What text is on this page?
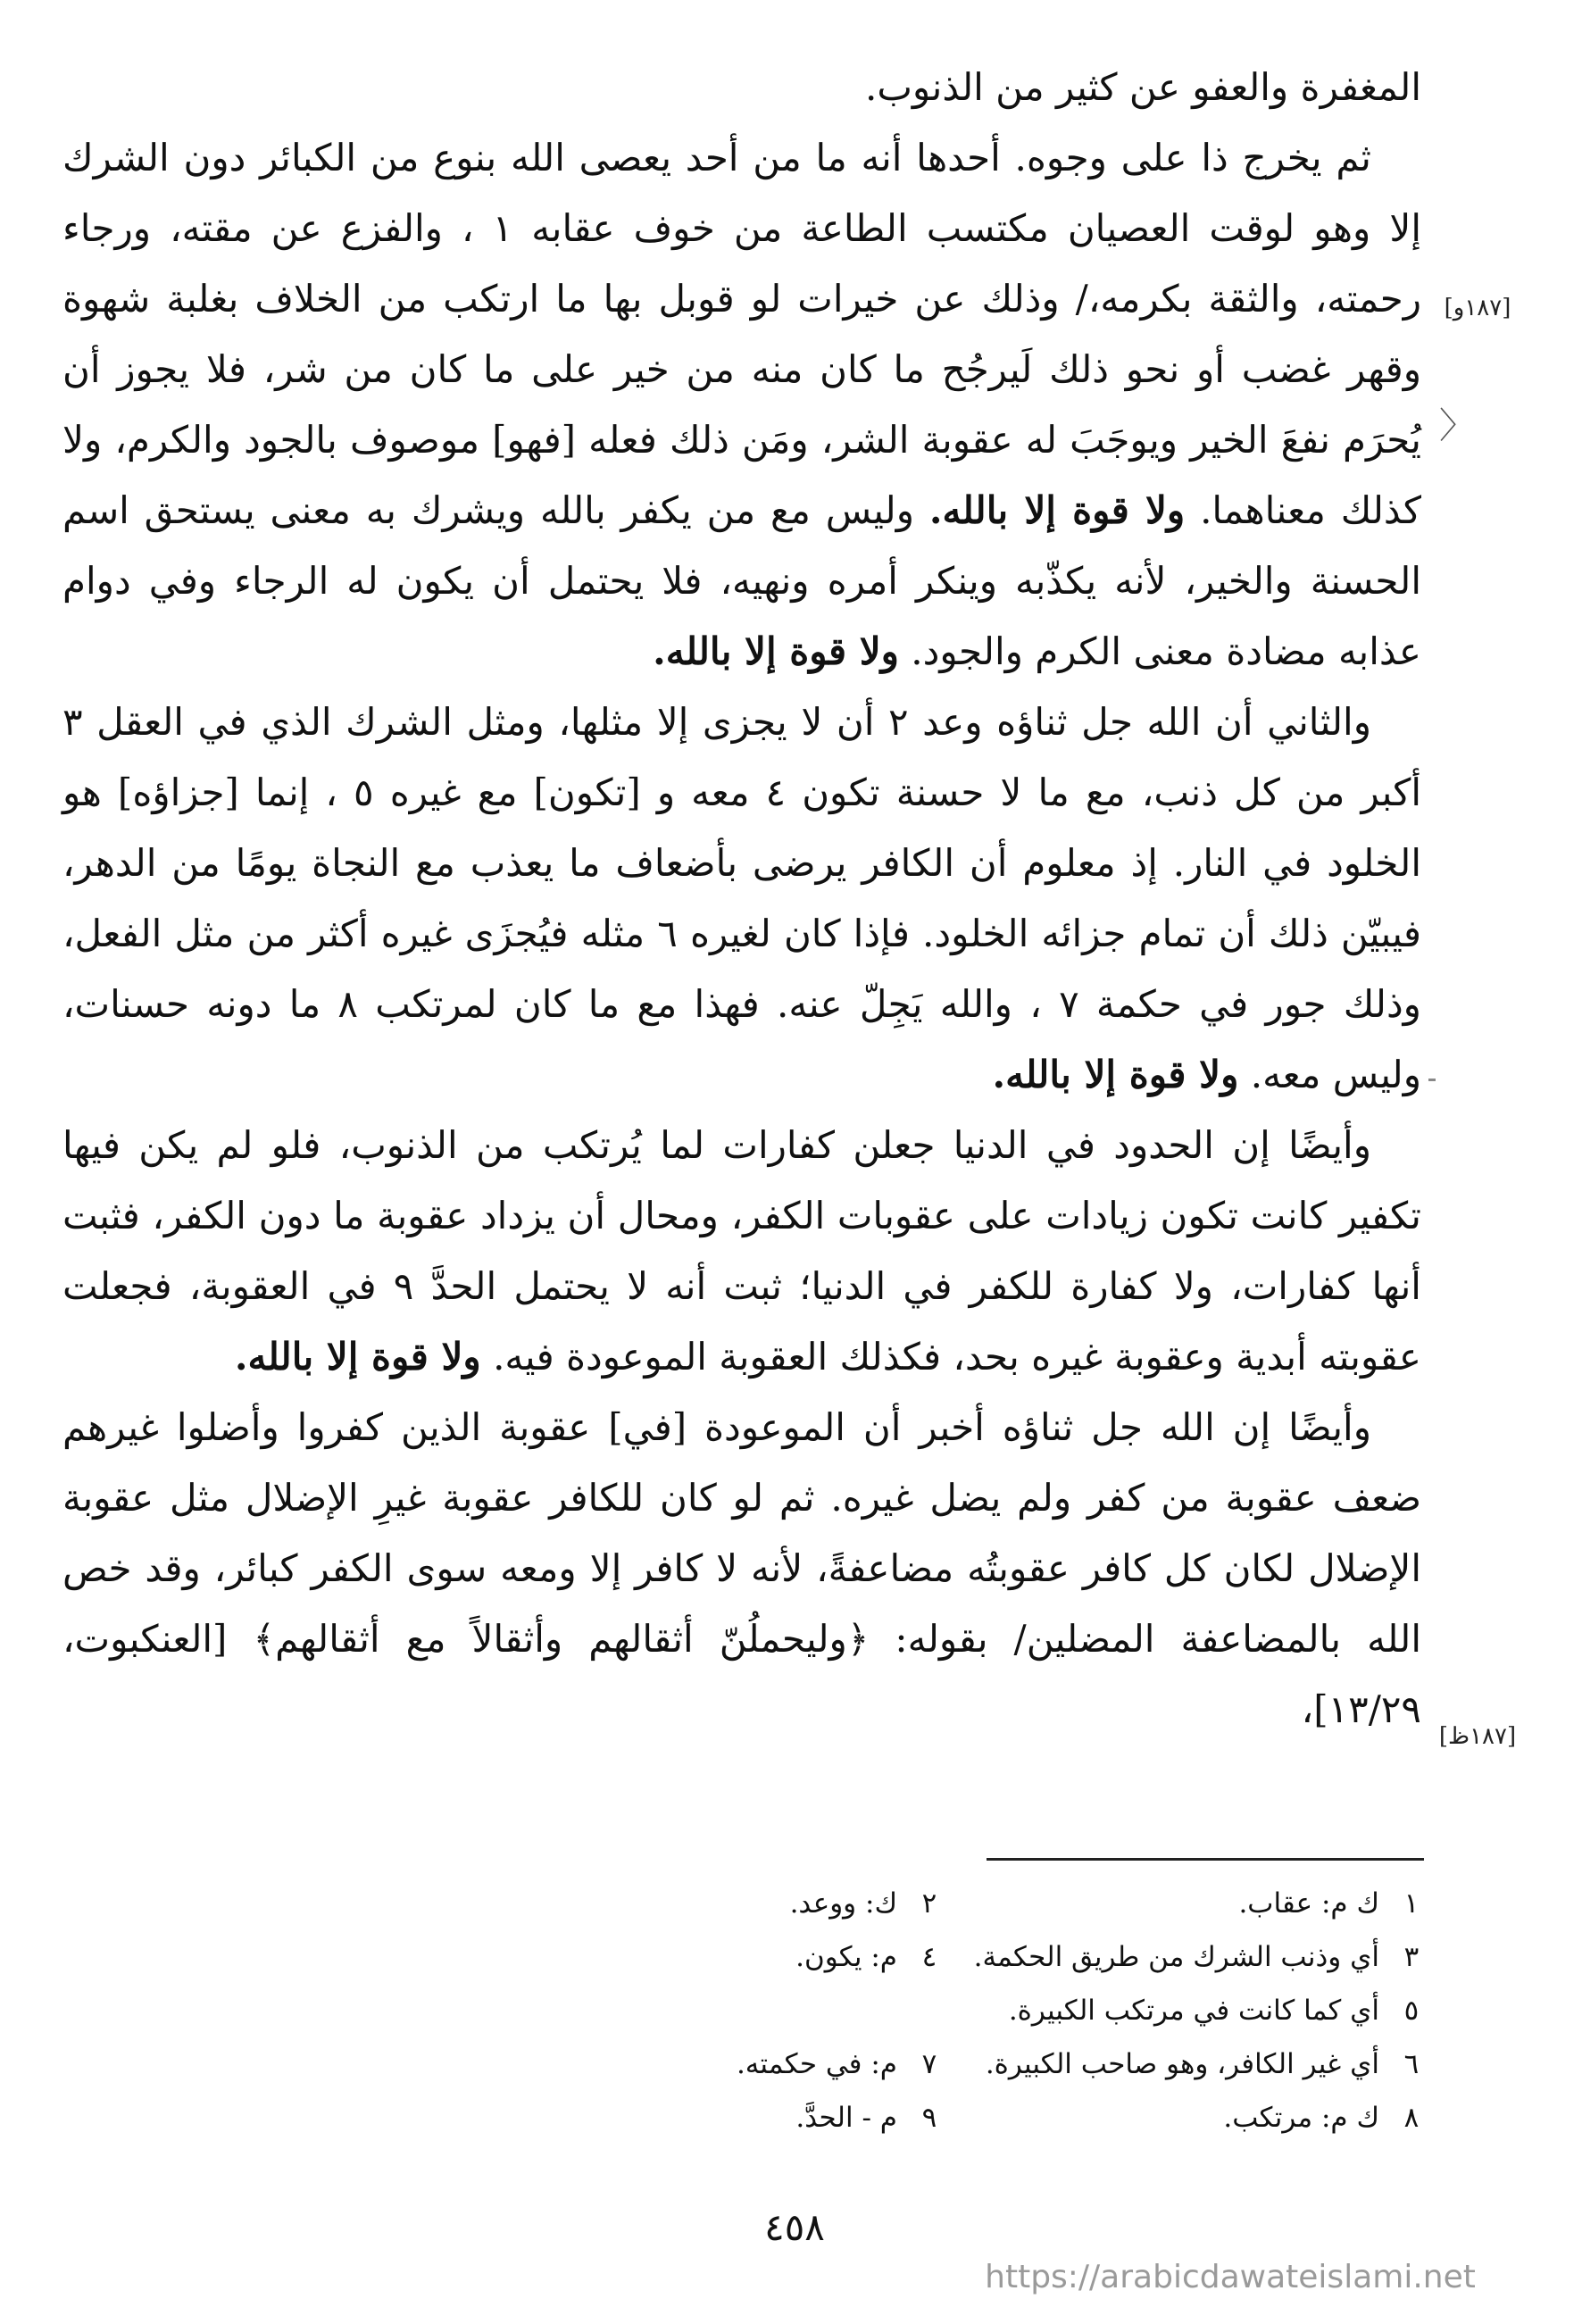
المغفرة والعفو عن كثير من الذنوب.

ثم يخرج ذا على وجوه. أحدها أنه ما من أحد يعصى الله بنوع من الكبائر دون الشرك إلا وهو لوقت العصيان مكتسب الطاعة من خوف عقابه ١ ، والفزع عن مقته، ورجاء رحمته، والثقة بكرمه،/ وذلك عن خيرات لو قوبل بها ما ارتكب من الخلاف بغلبة شهوة وقهر غضب أو نحو ذلك لَيرجُح ما كان منه من خير على ما كان من شر، فلا يجوز أن يُحرَم نفعَ الخير ويوجَبَ له عقوبة الشر، ومَن ذلك فعله [فهو] موصوف بالجود والكرم، ولا كذلك معناهما. ولا قوة إلا بالله. وليس مع من يكفر بالله ويشرك به معنى يستحق اسم الحسنة والخير، لأنه يكذّبه وينكر أمره ونهيه، فلا يحتمل أن يكون له الرجاء وفي دوام عذابه مضادة معنى الكرم والجود. ولا قوة إلا بالله.

والثاني أن الله جل ثناؤه وعد ٢ أن لا يجزى إلا مثلها، ومثل الشرك الذي في العقل ٣ أكبر من كل ذنب، مع ما لا حسنة تكون ٤ معه و [تكون] مع غيره ٥ ، إنما [جزاؤه] هو الخلود في النار. إذ معلوم أن الكافر يرضى بأضعاف ما يعذب مع النجاة يومًا من الدهر، فيبيّن ذلك أن تمام جزائه الخلود. فإذا كان لغيره ٦ مثله فيُجزَى غيره أكثر من مثل الفعل، وذلك جور في حكمة ٧ ، والله يَجِلّ عنه. فهذا مع ما كان لمرتكب ٨ ما دونه حسنات، وليس معه. ولا قوة إلا بالله.

وأيضًا إن الحدود في الدنيا جعلن كفارات لما يُرتكب من الذنوب، فلو لم يكن فيها تكفير كانت تكون زيادات على عقوبات الكفر، ومحال أن يزداد عقوبة ما دون الكفر، فثبت أنها كفارات، ولا كفارة للكفر في الدنيا؛ ثبت أنه لا يحتمل الحدَّ ٩ في العقوبة، فجعلت عقوبته أبدية وعقوبة غيره بحد، فكذلك العقوبة الموعودة فيه. ولا قوة إلا بالله.

وأيضًا إن الله جل ثناؤه أخبر أن الموعودة [في] عقوبة الذين كفروا وأضلوا غيرهم ضعف عقوبة من كفر ولم يضل غيره. ثم لو كان للكافر عقوبة غيرِ الإضلال مثل عقوبة الإضلال لكان كل كافر عقوبتُه مضاعفةً، لأنه لا كافر إلا ومعه سوى الكفر كبائر، وقد خص الله بالمضاعفة المضلين/ بقوله: ﴿وليحملُنّ أثقالهم وأثقالاً مع أثقالهم﴾ [العنكبوت، ١٣/٢٩]،

[١٨٧و]
〉
[١٨٧ظ]
١
ك م: عقاب.
٢
ك: ووعد.
٣
أي وذنب الشرك من طريق الحكمة.
٤
م: يكون.
٥
أي كما كانت في مرتكب الكبيرة.
٦
أي غير الكافر، وهو صاحب الكبيرة.
٧
م: في حكمته.
٨
ك م: مرتكب.
٩
م - الحدَّ.
٤٥٨
https://arabicdawateislami.net
